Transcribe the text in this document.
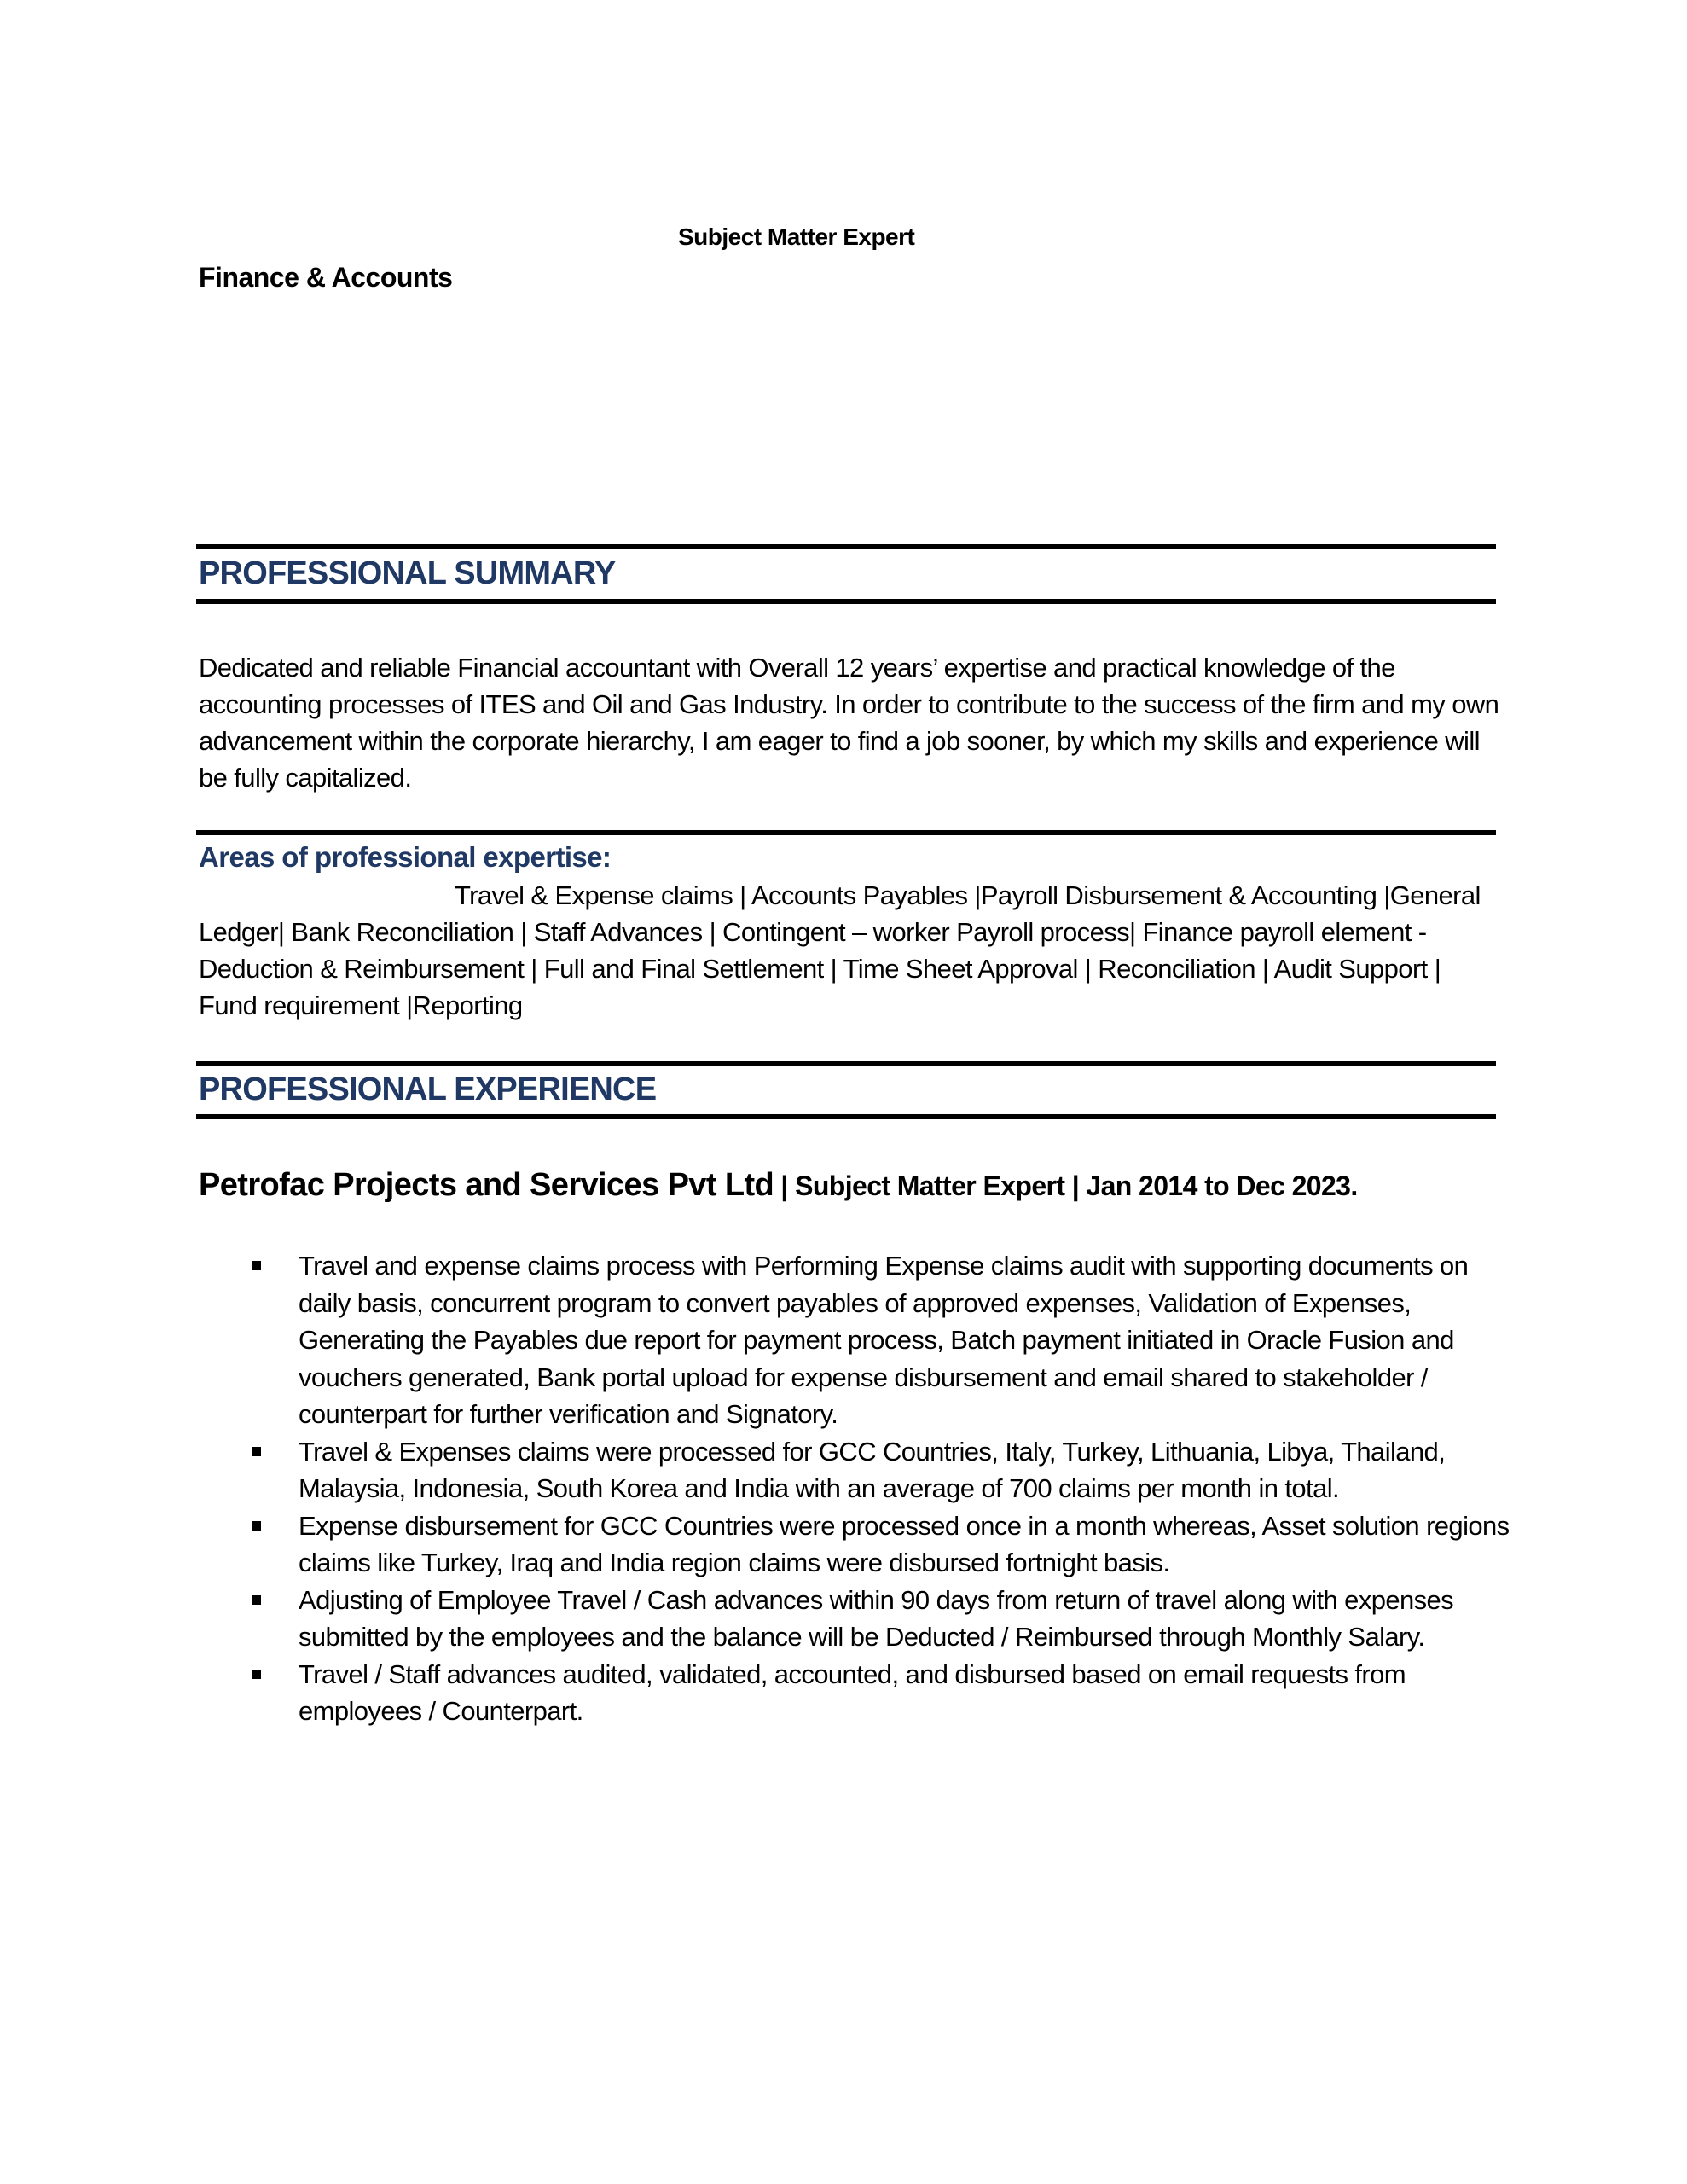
Subject Matter Expert
Finance & Accounts
PROFESSIONAL SUMMARY
Dedicated and reliable Financial accountant with Overall 12 years’ expertise and practical knowledge of the accounting processes of ITES and Oil and Gas Industry. In order to contribute to the success of the firm and my own advancement within the corporate hierarchy, I am eager to find a job sooner, by which my skills and experience will be fully capitalized.
Areas of professional expertise:
Travel & Expense claims | Accounts Payables |Payroll Disbursement & Accounting |General Ledger| Bank Reconciliation | Staff Advances | Contingent – worker Payroll process| Finance payroll element - Deduction & Reimbursement | Full and Final Settlement | Time Sheet Approval | Reconciliation | Audit Support | Fund requirement |Reporting
PROFESSIONAL EXPERIENCE
Petrofac Projects and Services Pvt Ltd | Subject Matter Expert | Jan 2014 to Dec 2023.
Travel and expense claims process with Performing Expense claims audit with supporting documents on daily basis, concurrent program to convert payables of approved expenses, Validation of Expenses, Generating the Payables due report for payment process, Batch payment initiated in Oracle Fusion and vouchers generated, Bank portal upload for expense disbursement and email shared to stakeholder / counterpart for further verification and Signatory.
Travel & Expenses claims were processed for GCC Countries, Italy, Turkey, Lithuania, Libya, Thailand, Malaysia, Indonesia, South Korea and India with an average of 700 claims per month in total.
Expense disbursement for GCC Countries were processed once in a month whereas, Asset solution regions claims like Turkey, Iraq and India region claims were disbursed fortnight basis.
Adjusting of Employee Travel / Cash advances within 90 days from return of travel along with expenses submitted by the employees and the balance will be Deducted / Reimbursed through Monthly Salary.
Travel / Staff advances audited, validated, accounted, and disbursed based on email requests from employees / Counterpart.
